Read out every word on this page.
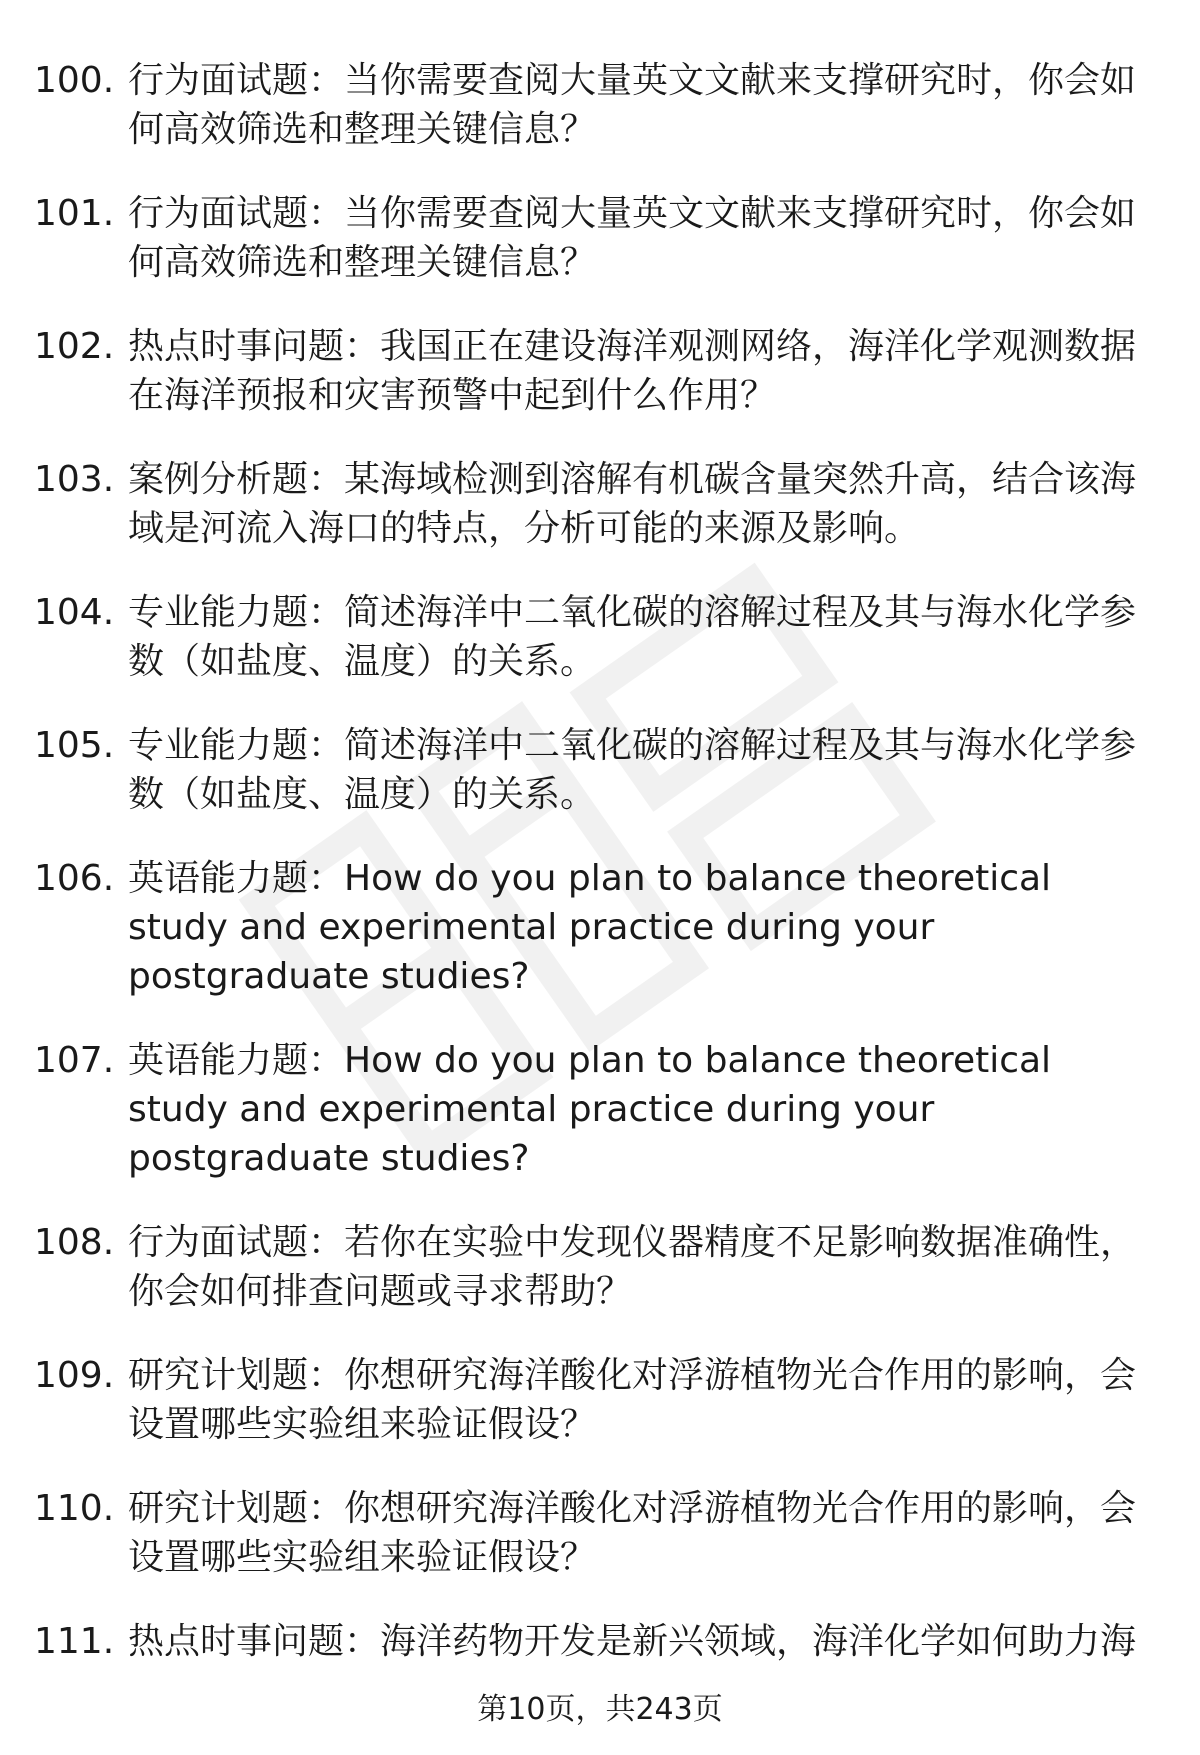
100. 行为面试题：当你需要查阅大量英文文献来支撑研究时，你会如何高效筛选和整理关键信息？
101. 行为面试题：当你需要查阅大量英文文献来支撑研究时，你会如何高效筛选和整理关键信息？
102. 热点时事问题：我国正在建设海洋观测网络，海洋化学观测数据在海洋预报和灾害预警中起到什么作用？
103. 案例分析题：某海域检测到溶解有机碳含量突然升高，结合该海域是河流入海口的特点，分析可能的来源及影响。
104. 专业能力题：简述海洋中二氧化碳的溶解过程及其与海水化学参数（如盐度、温度）的关系。
105. 专业能力题：简述海洋中二氧化碳的溶解过程及其与海水化学参数（如盐度、温度）的关系。
106. 英语能力题：How do you plan to balance theoretical study and experimental practice during your postgraduate studies?
107. 英语能力题：How do you plan to balance theoretical study and experimental practice during your postgraduate studies?
108. 行为面试题：若你在实验中发现仪器精度不足影响数据准确性，你会如何排查问题或寻求帮助？
109. 研究计划题：你想研究海洋酸化对浮游植物光合作用的影响，会设置哪些实验组来验证假设？
110. 研究计划题：你想研究海洋酸化对浮游植物光合作用的影响，会设置哪些实验组来验证假设？
111. 热点时事问题：海洋药物开发是新兴领域，海洋化学如何助力海
第10页，共243页
